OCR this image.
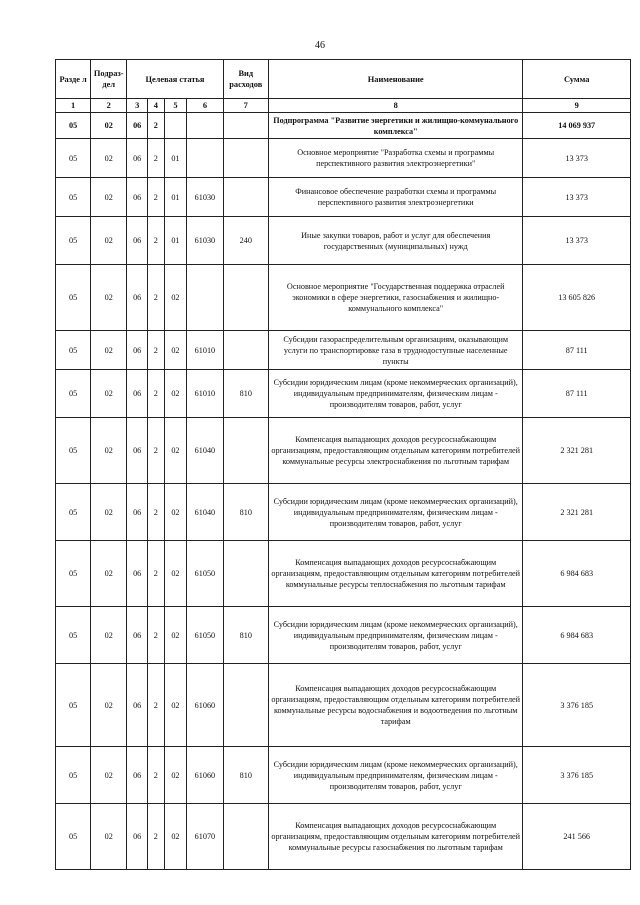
46
Разде л	Подраз- дел	Целевая статья				Вид расходов	Наименование	Сумма
1	2	3	4	5	6	7	8	9
05	02	06	2				Подпрограмма "Развитие энергетики и жилищно-коммунального комплекса"	14 069 937
05	02	06	2	01			Основное мероприятие "Разработка схемы и программы перспективного развития электроэнергетики"	13 373
05	02	06	2	01	61030		Финансовое обеспечение разработки схемы и программы перспективного развития электроэнергетики	13 373
05	02	06	2	01	61030	240	Иные закупки товаров, работ и услуг для обеспечения государственных (муниципальных) нужд	13 373
05	02	06	2	02			Основное мероприятие "Государственная поддержка отраслей экономики в сфере энергетики, газоснабжения и жилищно-коммунального комплекса"	13 605 826
05	02	06	2	02	61010		Субсидии газораспределительным организациям, оказывающим услуги по транспортировке газа в труднодоступные населенные пункты	87 111
05	02	06	2	02	61010	810	Субсидии юридическим лицам (кроме некоммерческих организаций), индивидуальным предпринимателям, физическим лицам - производителям товаров, работ, услуг	87 111
05	02	06	2	02	61040		Компенсация выпадающих доходов ресурсоснабжающим организациям, предоставляющим отдельным категориям потребителей коммунальные ресурсы электроснабжения по льготным тарифам	2 321 281
05	02	06	2	02	61040	810	Субсидии юридическим лицам (кроме некоммерческих организаций), индивидуальным предпринимателям, физическим лицам - производителям товаров, работ, услуг	2 321 281
05	02	06	2	02	61050		Компенсация выпадающих доходов ресурсоснабжающим организациям, предоставляющим отдельным категориям потребителей коммунальные ресурсы теплоснабжения по льготным тарифам	6 984 683
05	02	06	2	02	61050	810	Субсидии юридическим лицам (кроме некоммерческих организаций), индивидуальным предпринимателям, физическим лицам - производителям товаров, работ, услуг	6 984 683
05	02	06	2	02	61060		Компенсация выпадающих доходов ресурсоснабжающим организациям, предоставляющим отдельным категориям потребителей коммунальные ресурсы водоснабжения и водоотведения по льготным тарифам	3 376 185
05	02	06	2	02	61060	810	Субсидии юридическим лицам (кроме некоммерческих организаций), индивидуальным предпринимателям, физическим лицам - производителям товаров, работ, услуг	3 376 185
05	02	06	2	02	61070		Компенсация выпадающих доходов ресурсоснабжающим организациям, предоставляющим отдельным категориям потребителей коммунальные ресурсы газоснабжения по льготным тарифам	241 566
